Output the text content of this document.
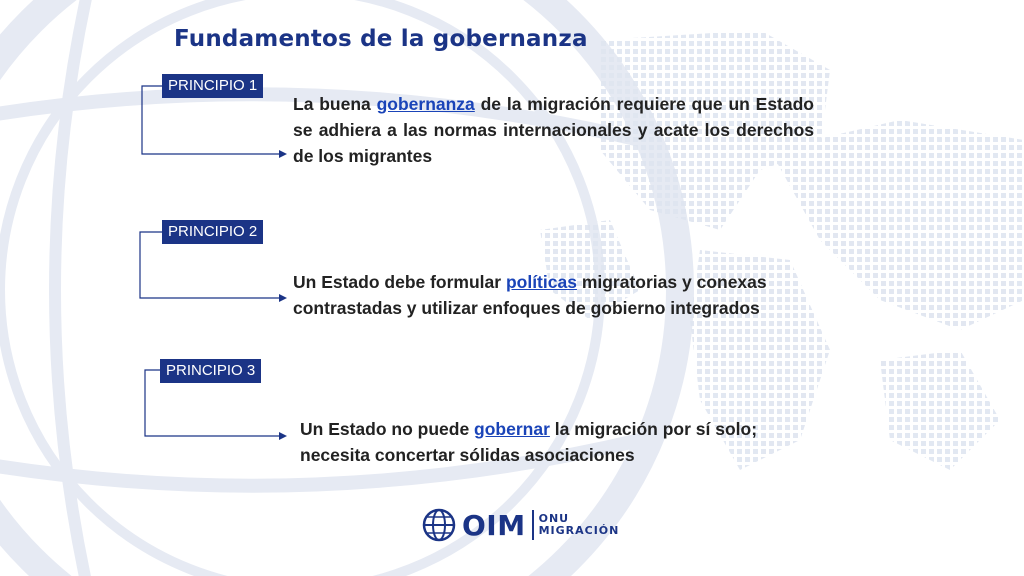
Fundamentos de la gobernanza
PRINCIPIO 1
La buena gobernanza de la migración requiere que un Estado se adhiera a las normas internacionales y acate los derechos de los migrantes
PRINCIPIO 2
Un Estado debe formular políticas migratorias y conexas contrastadas y utilizar enfoques de gobierno integrados
PRINCIPIO 3
Un Estado no puede gobernar la migración por sí solo; necesita concertar sólidas asociaciones
OIM ONU
MIGRACIÓN
